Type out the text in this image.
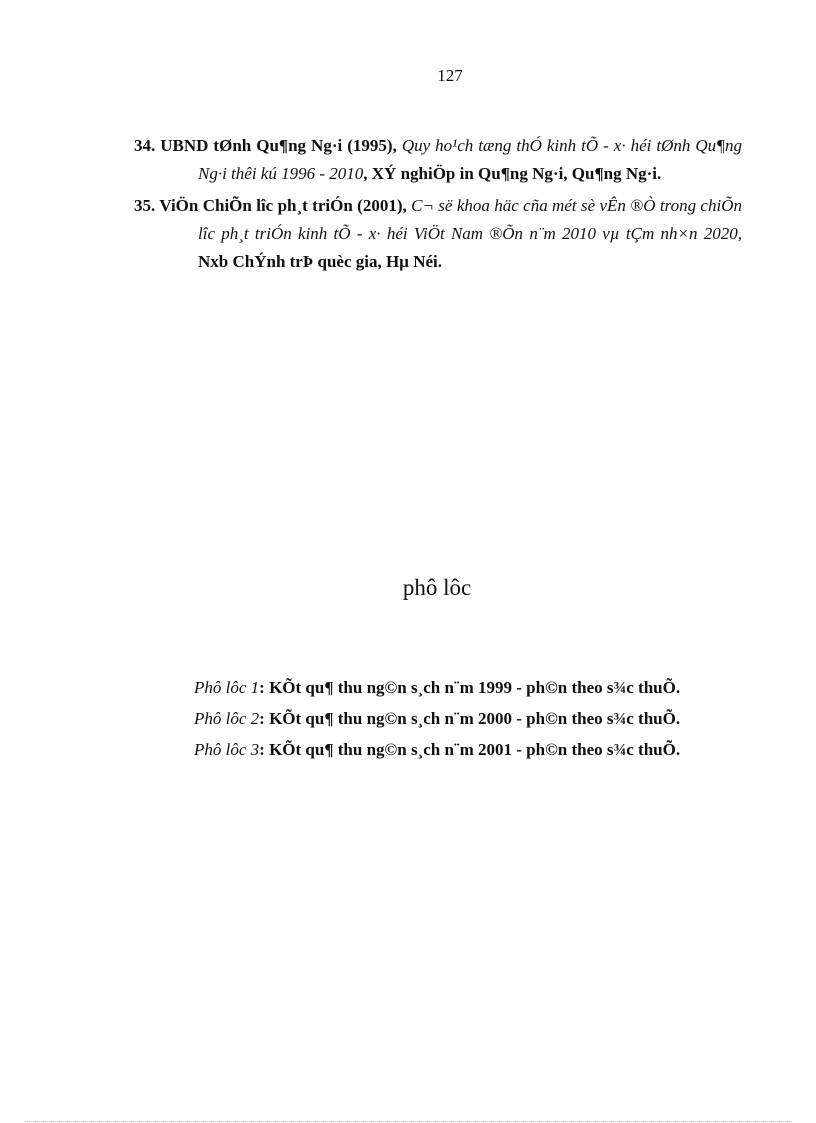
127

34. UBND tØnh Qu¶ng Ng·i (1995), Quy ho¹ch tæng thÓ kinh tÕ - x· héi tØnh Qu¶ng Ng·i thêi kú 1996 - 2010, XÝ nghiÖp in Qu¶ng Ng·i, Qu¶ng Ng·i.

35. ViÖn ChiÕn lîc ph¸t triÓn (2001), C¬ së khoa häc cña mét sè vÊn ®Ò trong chiÕn lîc ph¸t triÓn kinh tÕ - x· héi ViÖt Nam ®Õn n¨m 2010 vµ tÇm nh×n 2020, Nxb ChÝnh trÞ quèc gia, Hµ Néi.

phô lôc
Phô lôc 1: KÕt qu¶ thu ng©n s¸ch n¨m 1999 - ph©n theo s¾c thuÕ.
Phô lôc 2: KÕt qu¶ thu ng©n s¸ch n¨m 2000 - ph©n theo s¾c thuÕ.
Phô lôc 3: KÕt qu¶ thu ng©n s¸ch n¨m 2001 - ph©n theo s¾c thuÕ.
